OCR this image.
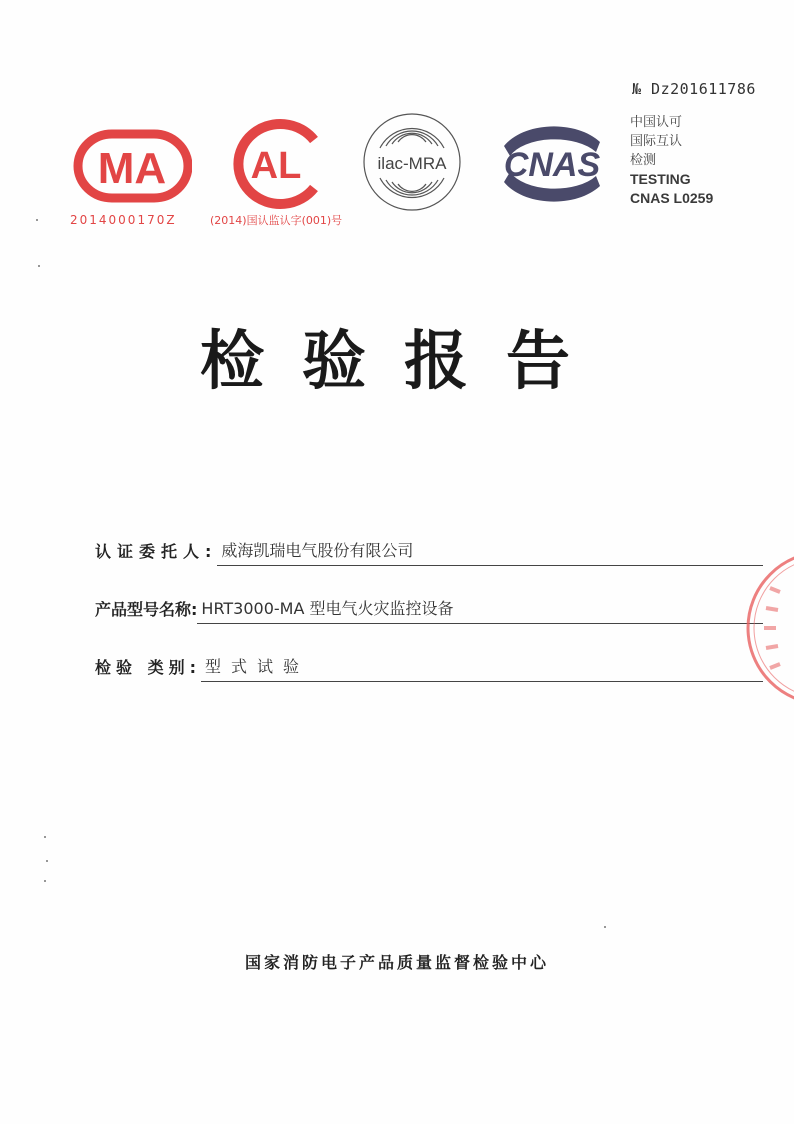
№ Dz201611786
MA
2014000170Z
AL
(2014)国认监认字(001)号
ilac-MRA CNAS
中国认可
国际互认
检测
TESTING
CNAS L0259
检验报告
认证委托人: 威海凯瑞电气股份有限公司
产品型号名称: HRT3000-MA 型电气火灾监控设备
检验 类别: 型式试验
国家消防电子产品质量监督检验中心
